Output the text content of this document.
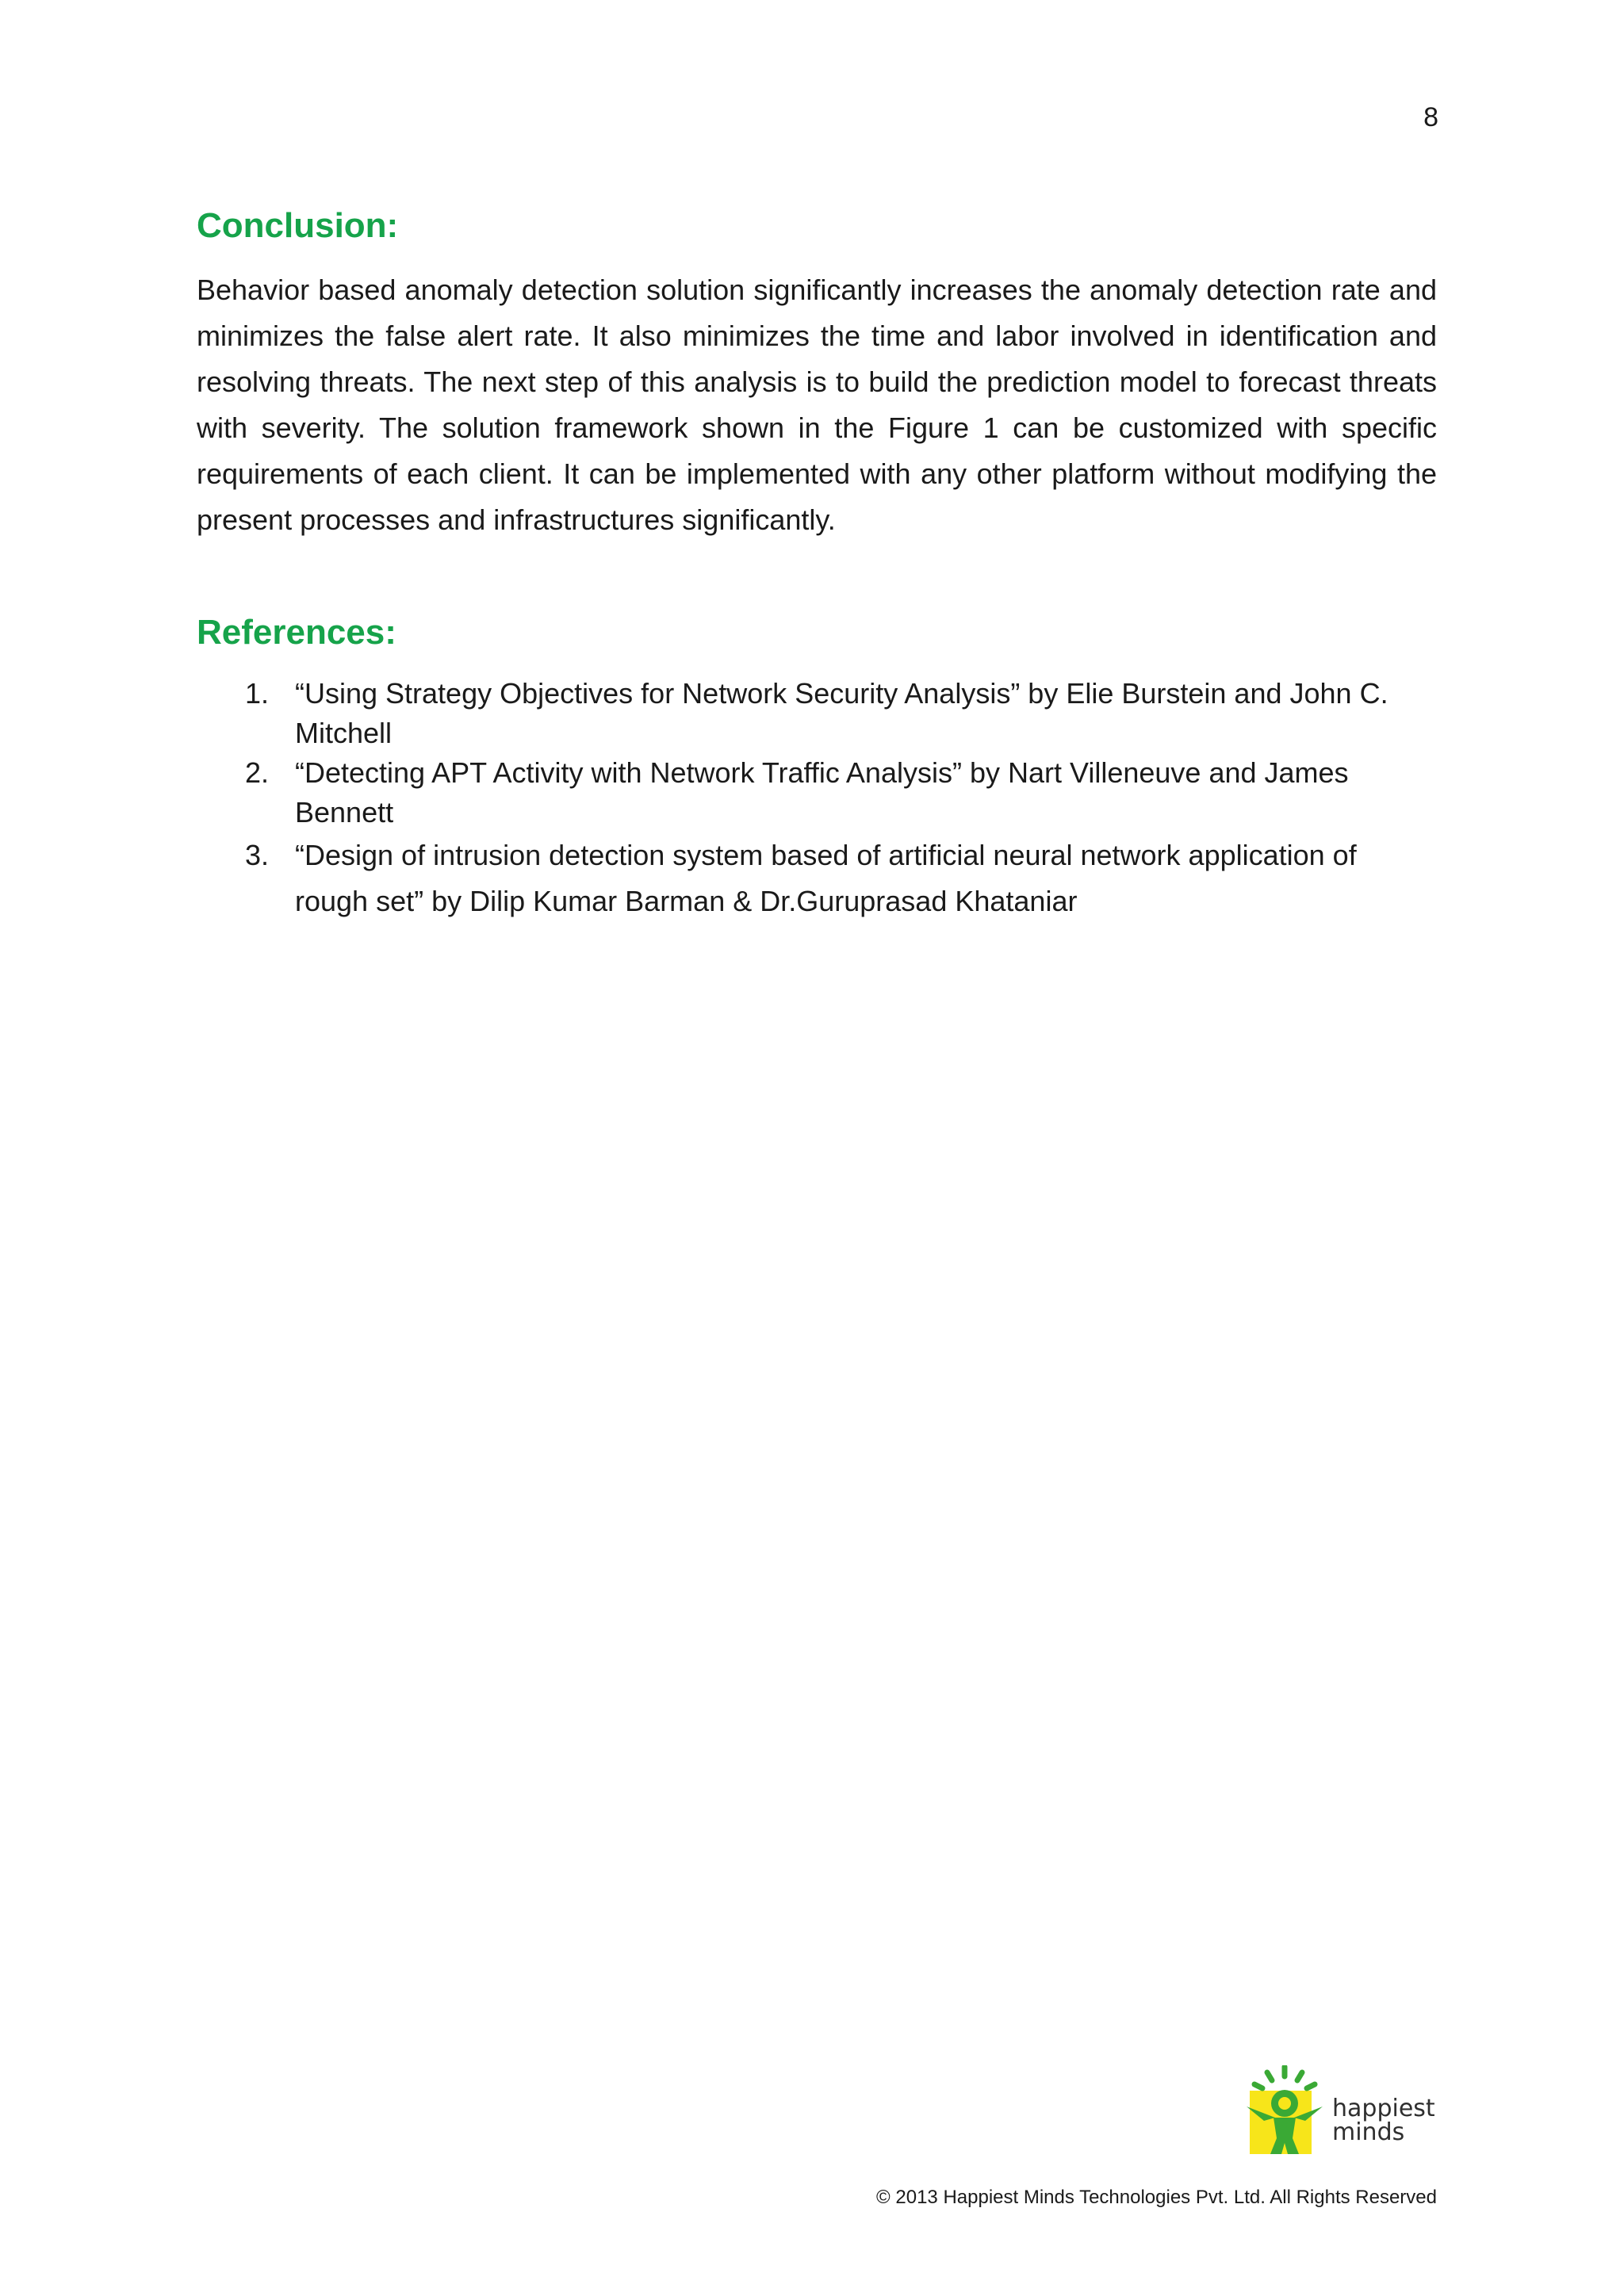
8
Conclusion:

Behavior based anomaly detection solution significantly increases the anomaly detection rate and minimizes the false alert rate. It also minimizes the time and labor involved in identification and resolving threats. The next step of this analysis is to build the prediction model to forecast threats with severity. The solution framework shown in the Figure 1 can be customized with specific requirements of each client. It can be implemented with any other platform without modifying the present processes and infrastructures significantly.

References:
1. “Using Strategy Objectives for Network Security Analysis” by Elie Burstein and John C. Mitchell
2. “Detecting APT Activity with Network Traffic Analysis” by Nart Villeneuve and James Bennett
3. “Design of intrusion detection system based of artificial neural network application of rough set” by Dilip Kumar Barman & Dr.Guruprasad Khataniar
happiest
minds
© 2013 Happiest Minds Technologies Pvt. Ltd. All Rights Reserved
